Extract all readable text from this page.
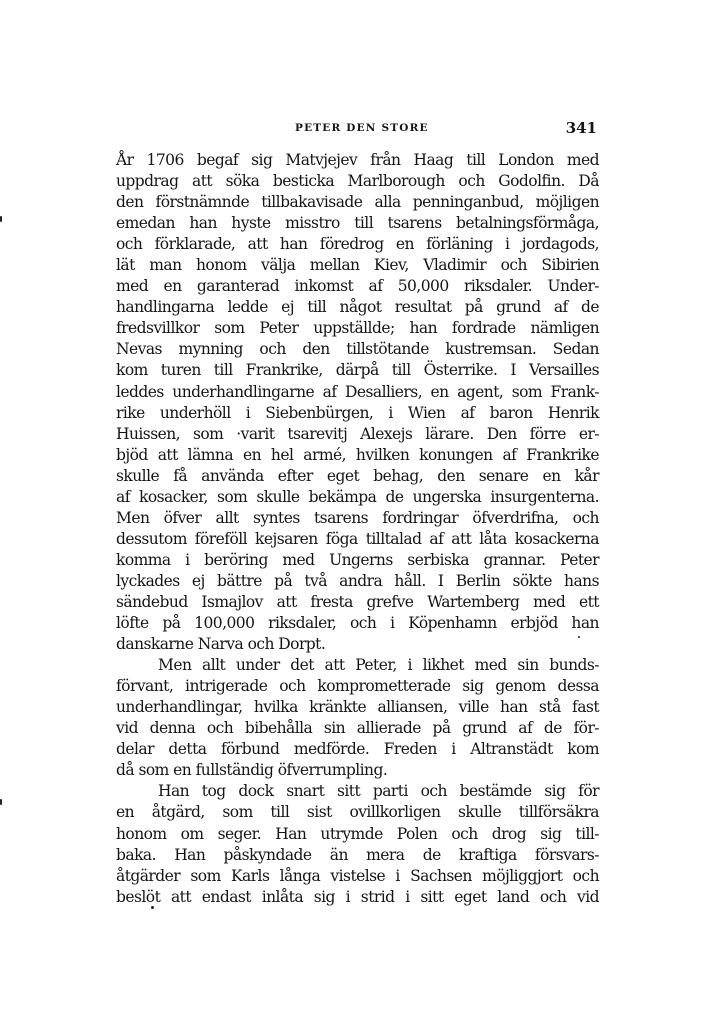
PETER DEN STORE	341
År 1706 begaf sig Matvjejev från Haag till London med
uppdrag att söka besticka Marlborough och Godolfin. Då
den förstnämnde tillbakavisade alla penninganbud, möjligen
emedan han hyste misstro till tsarens betalningsförmåga,
och förklarade, att han föredrog en förläning i jordagods,
lät man honom välja mellan Kiev, Vladimir och Sibirien
med en garanterad inkomst af 50,000 riksdaler. Under-
handlingarna ledde ej till något resultat på grund af de
fredsvillkor som Peter uppställde; han fordrade nämligen
Nevas mynning och den tillstötande kustremsan. Sedan
kom turen till Frankrike, därpå till Österrike. I Versailles
leddes underhandlingarne af Desalliers, en agent, som Frank-
rike underhöll i Siebenbürgen, i Wien af baron Henrik
Huissen, som ·varit tsarevitj Alexejs lärare. Den förre er-
bjöd att lämna en hel armé, hvilken konungen af Frankrike
skulle få använda efter eget behag, den senare en kår
af kosacker, som skulle bekämpa de ungerska insurgenterna.
Men öfver allt syntes tsarens fordringar öfverdrifna, och
dessutom föreföll kejsaren föga tilltalad af att låta kosackerna
komma i beröring med Ungerns serbiska grannar. Peter
lyckades ej bättre på två andra håll. I Berlin sökte hans
sändebud Ismajlov att fresta grefve Wartemberg med ett
löfte på 100,000 riksdaler, och i Köpenhamn erbjöd han
danskarne Narva och Dorpt.
Men allt under det att Peter, i likhet med sin bunds-
förvant, intrigerade och komprometterade sig genom dessa
underhandlingar, hvilka kränkte alliansen, ville han stå fast
vid denna och bibehålla sin allierade på grund af de för-
delar detta förbund medförde. Freden i Altranstädt kom
då som en fullständig öfverrumpling.
Han tog dock snart sitt parti och bestämde sig för
en åtgärd, som till sist ovillkorligen skulle tillförsäkra
honom om seger. Han utrymde Polen och drog sig till-
baka. Han påskyndade än mera de kraftiga försvars-
åtgärder som Karls långa vistelse i Sachsen möjliggjort och
beslöt att endast inlåta sig i strid i sitt eget land och vid
